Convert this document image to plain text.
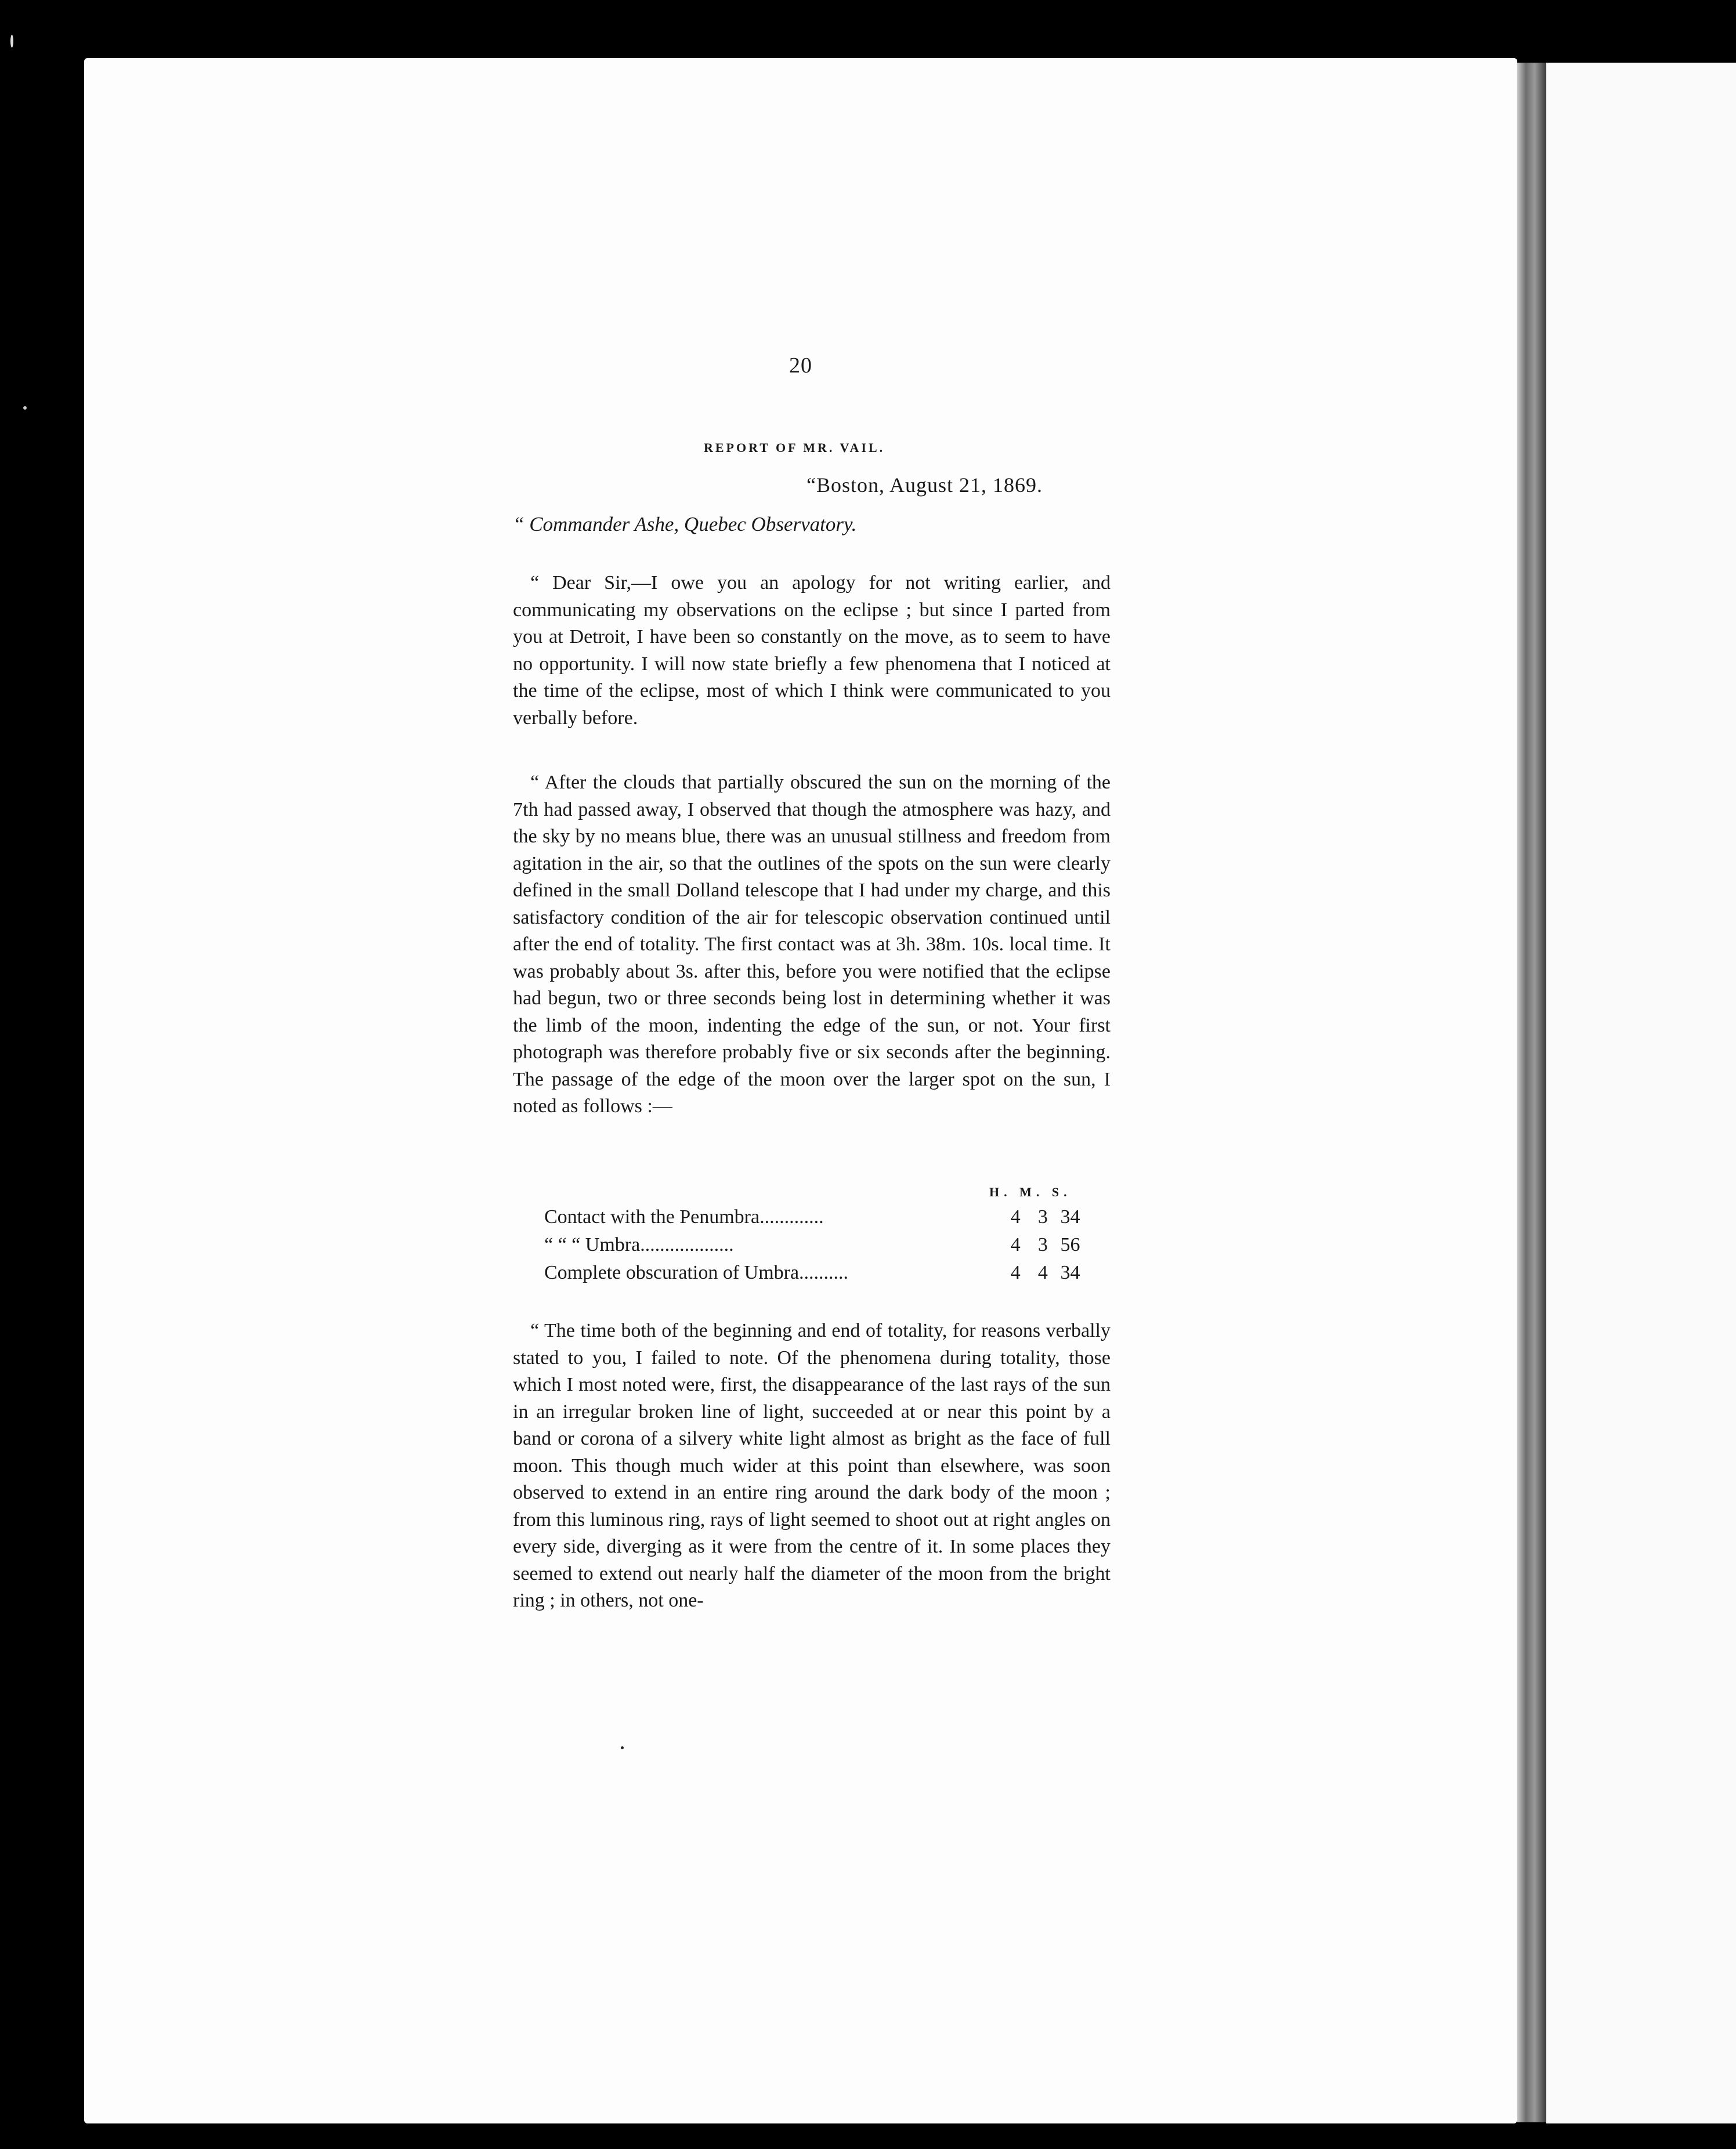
20
REPORT OF MR. VAIL.
“Boston, August 21, 1869.
“ Commander Ashe, Quebec Observatory.

“ Dear Sir,—I owe you an apology for not writing earlier, and communicating my observations on the eclipse ; but since I parted from you at Detroit, I have been so constantly on the move, as to seem to have no opportunity. I will now state briefly a few phenomena that I noticed at the time of the eclipse, most of which I think were communicated to you verbally before.

“ After the clouds that partially obscured the sun on the morning of the 7th had passed away, I observed that though the atmosphere was hazy, and the sky by no means blue, there was an unusual stillness and freedom from agitation in the air, so that the outlines of the spots on the sun were clearly defined in the small Dolland telescope that I had under my charge, and this satisfactory condition of the air for telescopic observation continued until after the end of totality. The first contact was at 3h. 38m. 10s. local time. It was probably about 3s. after this, before you were notified that the eclipse had begun, two or three seconds being lost in determining whether it was the limb of the moon, indenting the edge of the sun, or not. Your first photograph was therefore probably five or six seconds after the beginning. The passage of the edge of the moon over the larger spot on the sun, I noted as follows :—

H. M. S.
Contact with the Penumbra.............	4	3	34
“ “ “ Umbra...................	4	3	56
Complete obscuration of Umbra..........	4	4	34

“ The time both of the beginning and end of totality, for reasons verbally stated to you, I failed to note. Of the phenomena during totality, those which I most noted were, first, the disappearance of the last rays of the sun in an irregular broken line of light, succeeded at or near this point by a band or corona of a silvery white light almost as bright as the face of full moon. This though much wider at this point than elsewhere, was soon observed to extend in an entire ring around the dark body of the moon ; from this luminous ring, rays of light seemed to shoot out at right angles on every side, diverging as it were from the centre of it. In some places they seemed to extend out nearly half the diameter of the moon from the bright ring ; in others, not one-
